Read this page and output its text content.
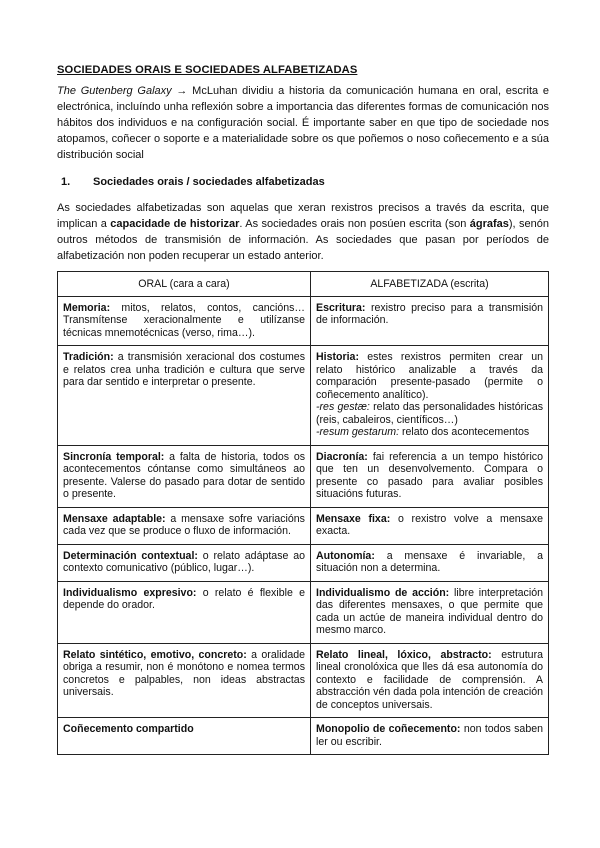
SOCIEDADES ORAIS E SOCIEDADES ALFABETIZADAS
The Gutenberg Galaxy → McLuhan dividiu a historia da comunicación humana en oral, escrita e electrónica, incluíndo unha reflexión sobre a importancia das diferentes formas de comunicación nos hábitos dos individuos e na configuración social. É importante saber en que tipo de sociedade nos atopamos, coñecer o soporte e a materialidade sobre os que poñemos o noso coñecemento e a súa distribución social
1. Sociedades orais / sociedades alfabetizadas
As sociedades alfabetizadas son aquelas que xeran rexistros precisos a través da escrita, que implican a capacidade de historizar. As sociedades orais non posúen escrita (son ágrafas), senón outros métodos de transmisión de información. As sociedades que pasan por períodos de alfabetización non poden recuperar un estado anterior.
ORAL (cara a cara)	ALFABETIZADA (escrita)
Memoria: mitos, relatos, contos, cancións… Transmítense xeracionalmente e utilízanse técnicas mnemotécnicas (verso, rima…).	Escritura: rexistro preciso para a transmisión de información.
Tradición: a transmisión xeracional dos costumes e relatos crea unha tradición e cultura que serve para dar sentido e interpretar o presente.	Historia: estes rexistros permiten crear un relato histórico analizable a través da comparación presente-pasado (permite o coñecemento analítico).
-res gestæ: relato das personalidades históricas (reis, cabaleiros, científicos…)
-resum gestarum: relato dos acontecementos

Sincronía temporal: a falta de historia, todos os acontecementos cóntanse como simultáneos ao presente. Valerse do pasado para dotar de sentido o presente.	Diacronía: fai referencia a un tempo histórico que ten un desenvolvemento. Compara o presente co pasado para avaliar posibles situacións futuras.
Mensaxe adaptable: a mensaxe sofre variacións cada vez que se produce o fluxo de información.	Mensaxe fixa: o rexistro volve a mensaxe exacta.
Determinación contextual: o relato adáptase ao contexto comunicativo (público, lugar…).	Autonomía: a mensaxe é invariable, a situación non a determina.
Individualismo expresivo: o relato é flexible e depende do orador.	Individualismo de acción: libre interpretación das diferentes mensaxes, o que permite que cada un actúe de maneira individual dentro do mesmo marco.
Relato sintético, emotivo, concreto: a oralidade obriga a resumir, non é monótono e nomea termos concretos e palpables, non ideas abstractas universais.	Relato lineal, lóxico, abstracto: estrutura lineal cronolóxica que lles dá esa autonomía do contexto e facilidade de comprensión. A abstracción vén dada pola intención de creación de conceptos universais.
Coñecemento compartido	Monopolio de coñecemento: non todos saben ler ou escribir.
